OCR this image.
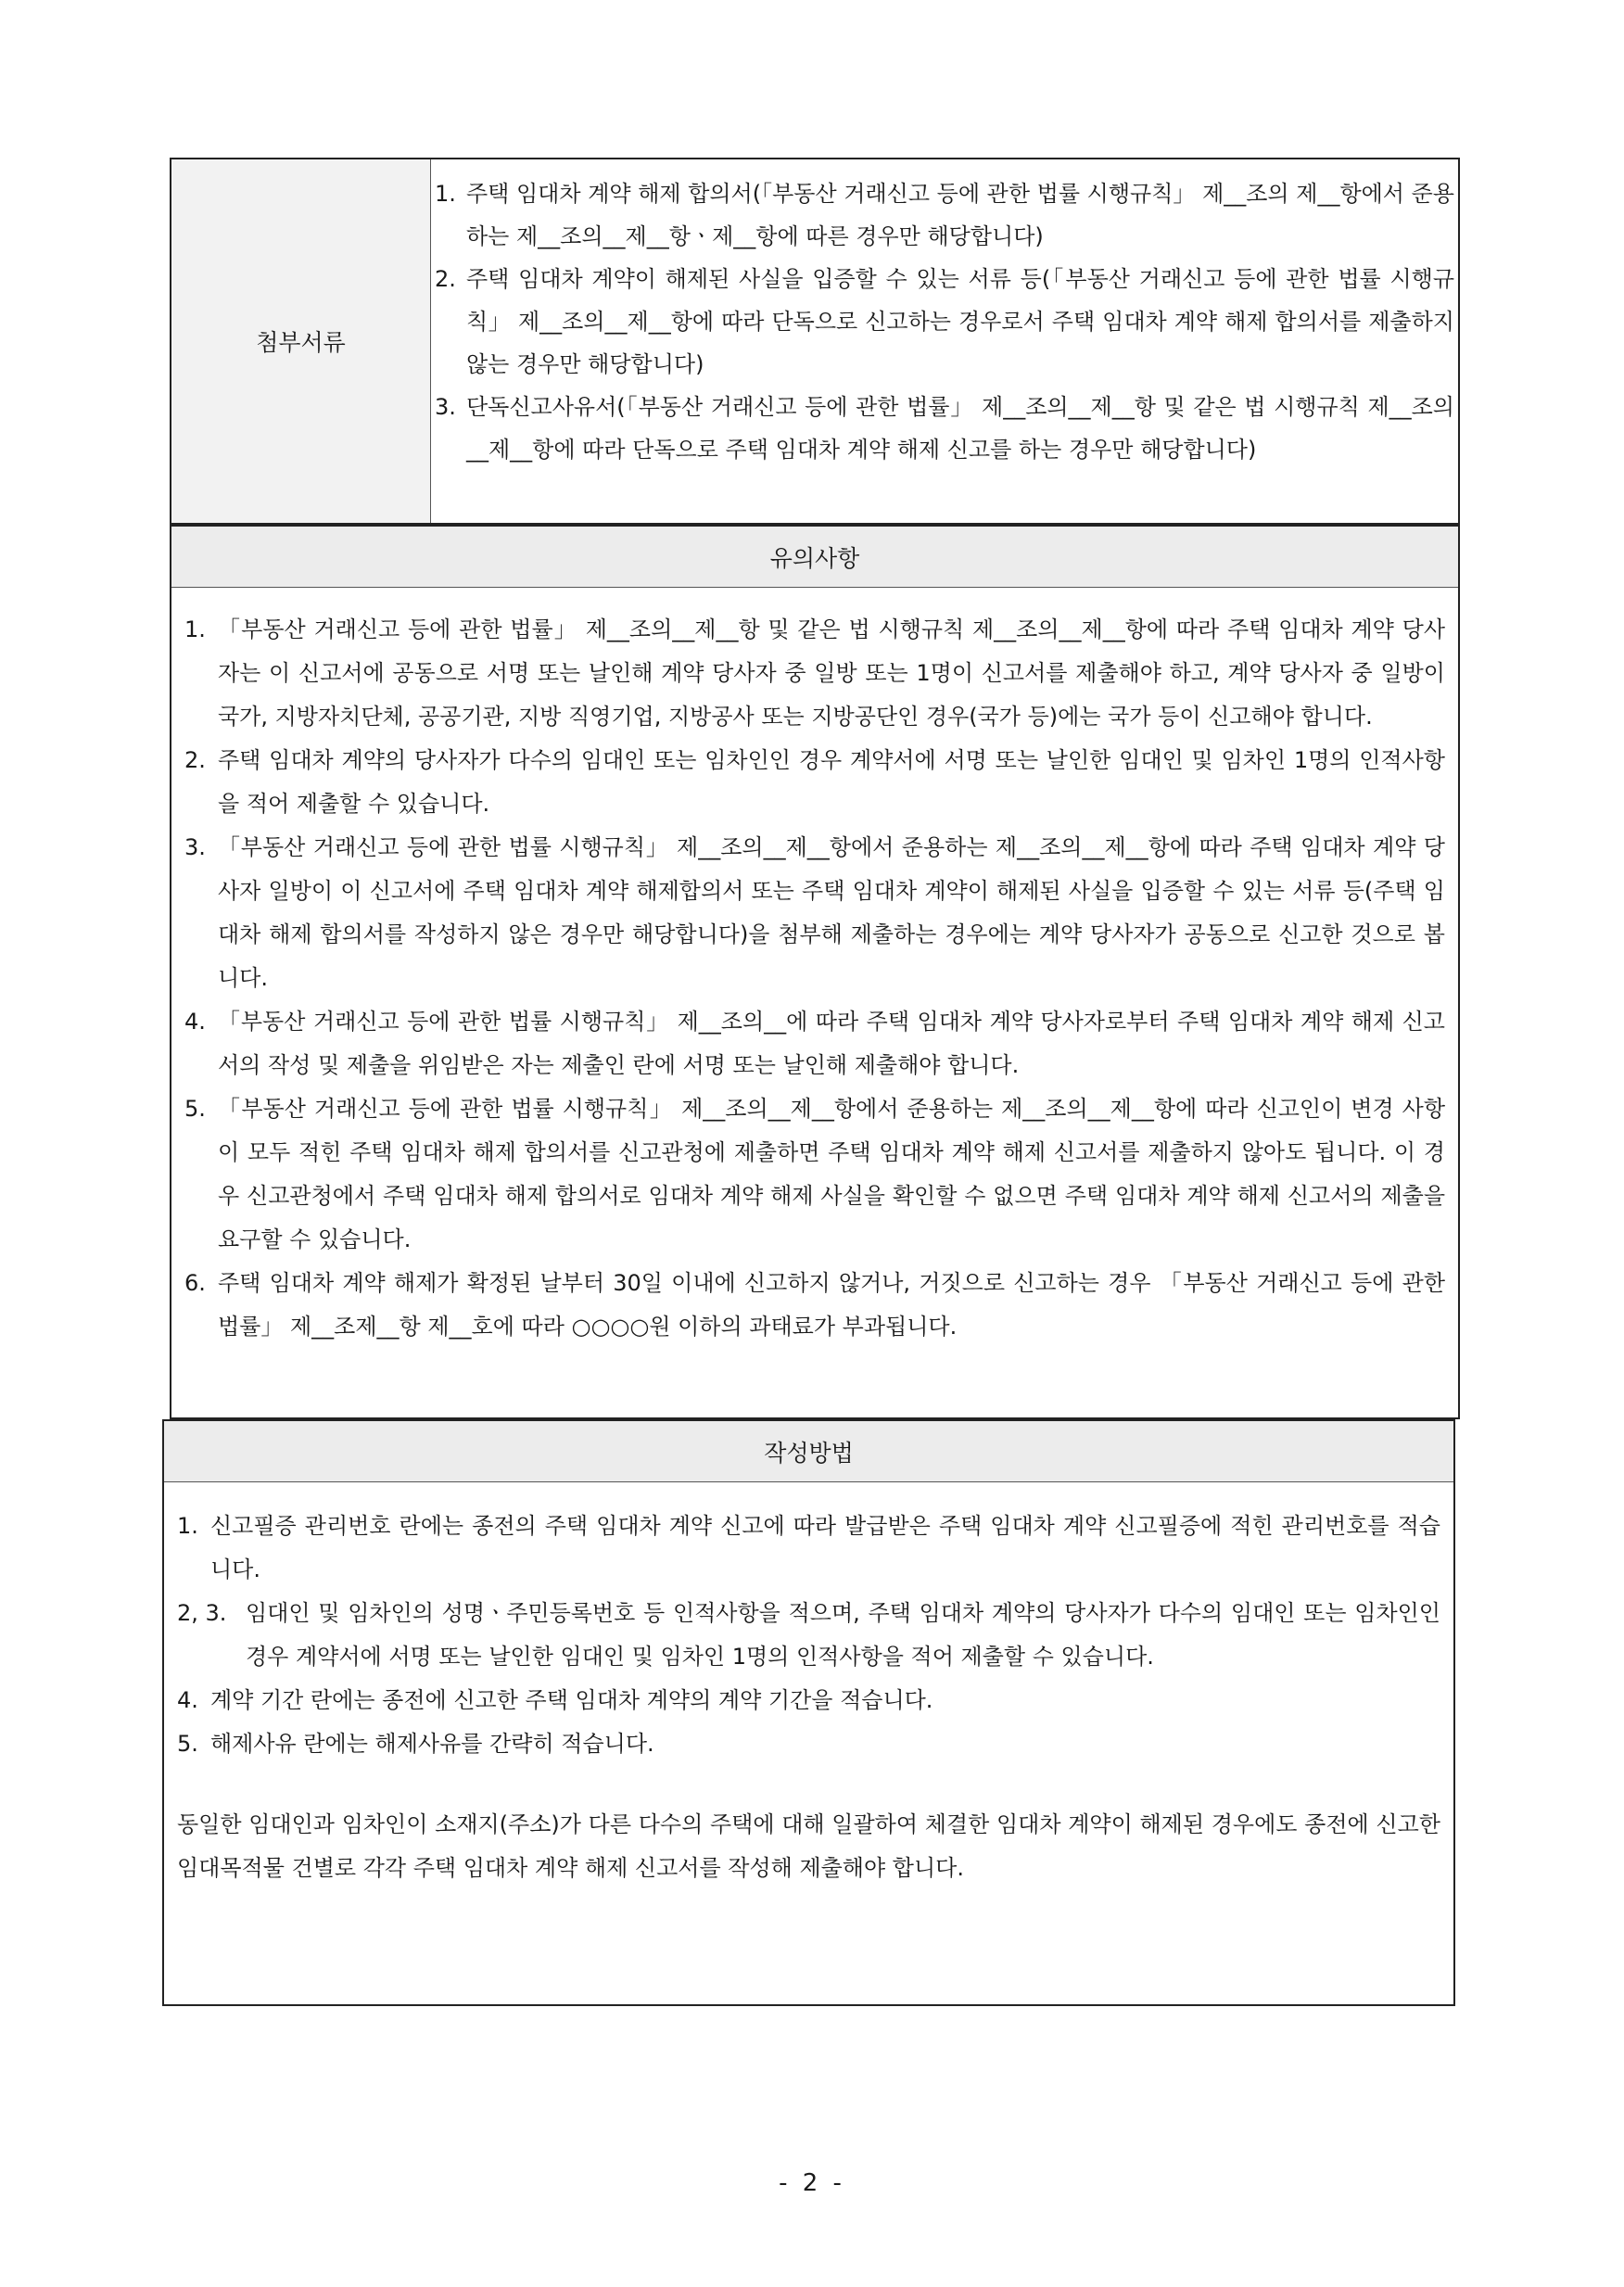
첨부서류
1. 주택 임대차 계약 해제 합의서(「부동산 거래신고 등에 관한 법률 시행규칙」 제__조의 제__항에서 준용하는 제__조의__제__항ㆍ제__항에 따른 경우만 해당합니다)
2. 주택 임대차 계약이 해제된 사실을 입증할 수 있는 서류 등(「부동산 거래신고 등에 관한 법률 시행규칙」 제__조의__제__항에 따라 단독으로 신고하는 경우로서 주택 임대차 계약 해제 합의서를 제출하지 않는 경우만 해당합니다)
3. 단독신고사유서(「부동산 거래신고 등에 관한 법률」 제__조의__제__항 및 같은 법 시행규칙 제__조의__제__항에 따라 단독으로 주택 임대차 계약 해제 신고를 하는 경우만 해당합니다)
유의사항
1. 「부동산 거래신고 등에 관한 법률」 제__조의__제__항 및 같은 법 시행규칙 제__조의__제__항에 따라 주택 임대차 계약 당사자는 이 신고서에 공동으로 서명 또는 날인해 계약 당사자 중 일방 또는 1명이 신고서를 제출해야 하고, 계약 당사자 중 일방이 국가, 지방자치단체, 공공기관, 지방 직영기업, 지방공사 또는 지방공단인 경우(국가 등)에는 국가 등이 신고해야 합니다.
2. 주택 임대차 계약의 당사자가 다수의 임대인 또는 임차인인 경우 계약서에 서명 또는 날인한 임대인 및 임차인 1명의 인적사항을 적어 제출할 수 있습니다.
3. 「부동산 거래신고 등에 관한 법률 시행규칙」 제__조의__제__항에서 준용하는 제__조의__제__항에 따라 주택 임대차 계약 당사자 일방이 이 신고서에 주택 임대차 계약 해제합의서 또는 주택 임대차 계약이 해제된 사실을 입증할 수 있는 서류 등(주택 임대차 해제 합의서를 작성하지 않은 경우만 해당합니다)을 첨부해 제출하는 경우에는 계약 당사자가 공동으로 신고한 것으로 봅니다.
4. 「부동산 거래신고 등에 관한 법률 시행규칙」 제__조의__에 따라 주택 임대차 계약 당사자로부터 주택 임대차 계약 해제 신고서의 작성 및 제출을 위임받은 자는 제출인 란에 서명 또는 날인해 제출해야 합니다.
5. 「부동산 거래신고 등에 관한 법률 시행규칙」 제__조의__제__항에서 준용하는 제__조의__제__항에 따라 신고인이 변경 사항이 모두 적힌 주택 임대차 해제 합의서를 신고관청에 제출하면 주택 임대차 계약 해제 신고서를 제출하지 않아도 됩니다. 이 경우 신고관청에서 주택 임대차 해제 합의서로 임대차 계약 해제 사실을 확인할 수 없으면 주택 임대차 계약 해제 신고서의 제출을 요구할 수 있습니다.
6. 주택 임대차 계약 해제가 확정된 날부터 30일 이내에 신고하지 않거나, 거짓으로 신고하는 경우 「부동산 거래신고 등에 관한 법률」 제__조제__항 제__호에 따라 ○○○○원 이하의 과태료가 부과됩니다.
작성방법
1. 신고필증 관리번호 란에는 종전의 주택 임대차 계약 신고에 따라 발급받은 주택 임대차 계약 신고필증에 적힌 관리번호를 적습니다.
2, 3. 임대인 및 임차인의 성명ㆍ주민등록번호 등 인적사항을 적으며, 주택 임대차 계약의 당사자가 다수의 임대인 또는 임차인인 경우 계약서에 서명 또는 날인한 임대인 및 임차인 1명의 인적사항을 적어 제출할 수 있습니다.
4. 계약 기간 란에는 종전에 신고한 주택 임대차 계약의 계약 기간을 적습니다.
5. 해제사유 란에는 해제사유를 간략히 적습니다.
동일한 임대인과 임차인이 소재지(주소)가 다른 다수의 주택에 대해 일괄하여 체결한 임대차 계약이 해제된 경우에도 종전에 신고한 임대목적물 건별로 각각 주택 임대차 계약 해제 신고서를 작성해 제출해야 합니다.
- 2 -
